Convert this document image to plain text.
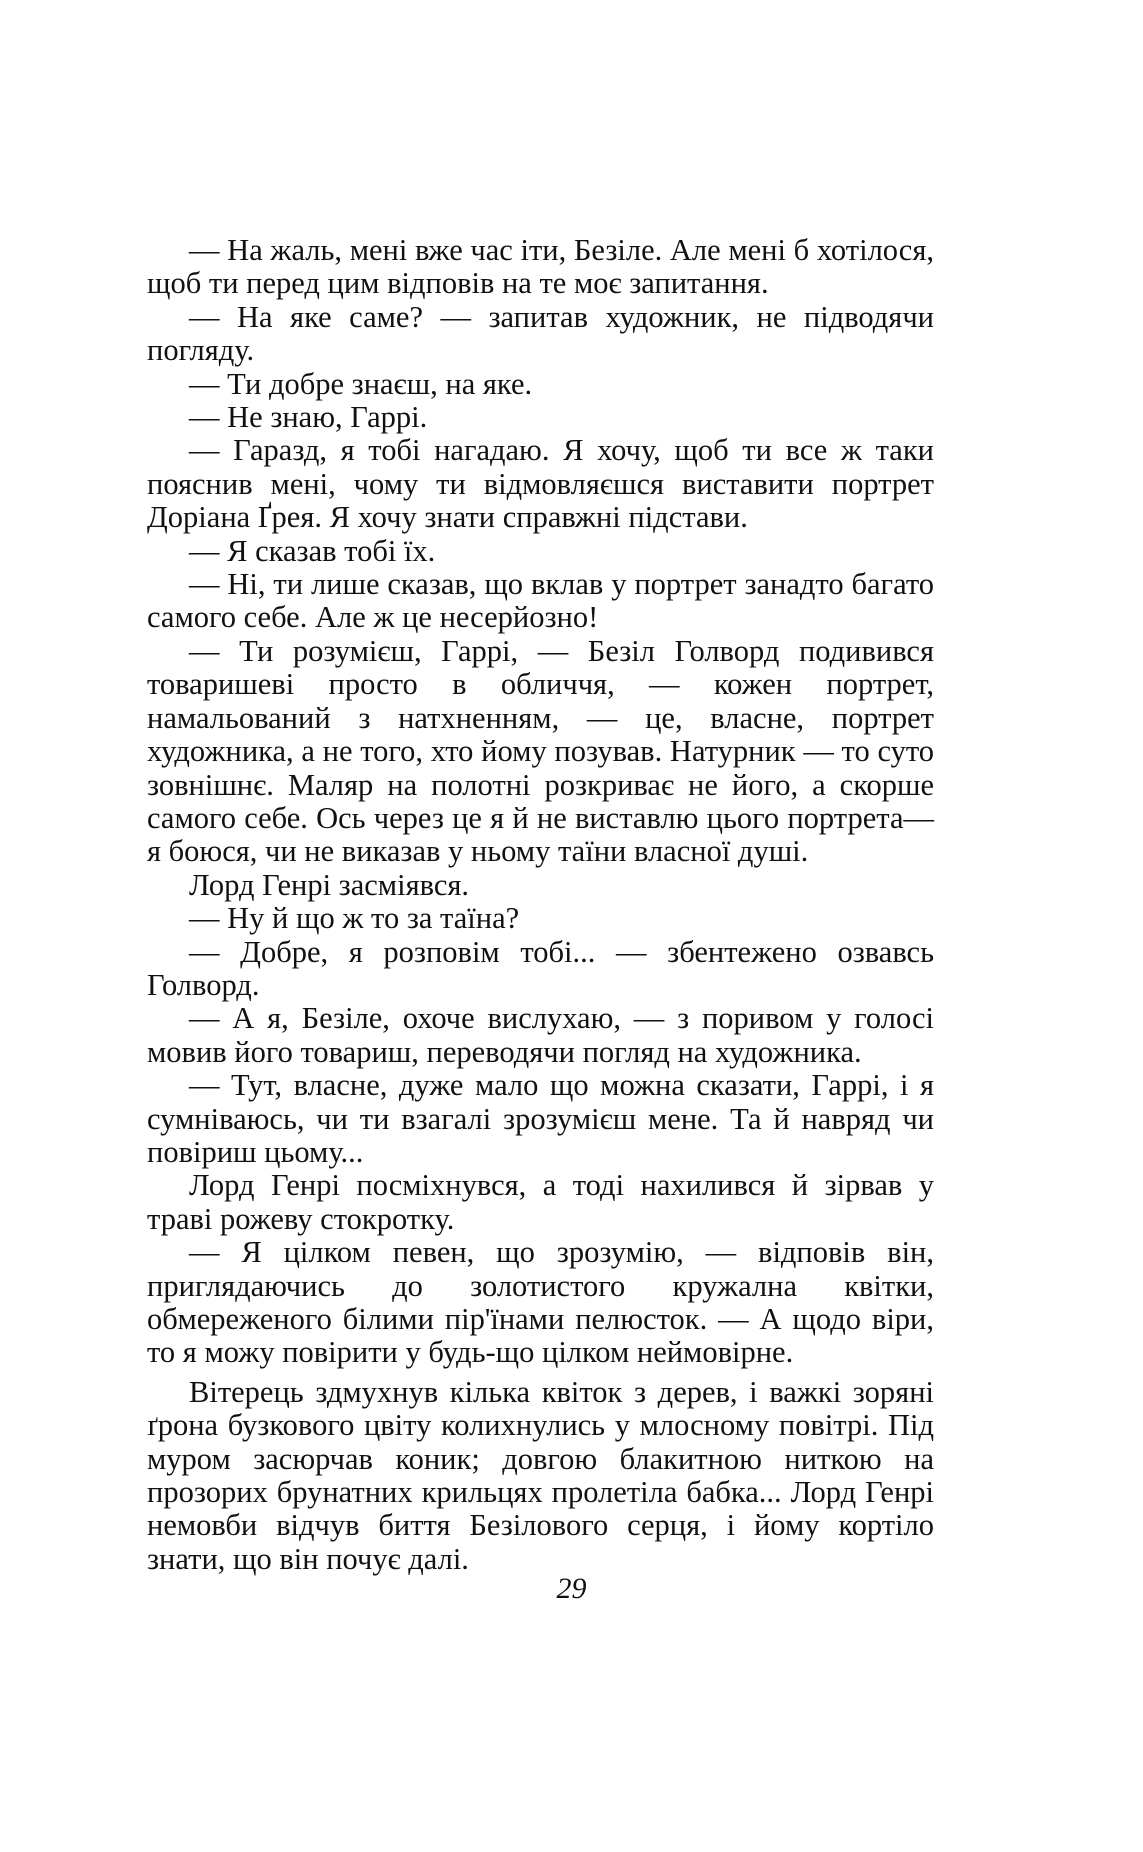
— На жаль, мені вже час іти, Безіле. Але мені б хотілося, щоб ти перед цим відповів на те моє запитання.

— На яке саме? — запитав художник, не підводячи погляду.

— Ти добре знаєш, на яке.

— Не знаю, Гаррі.

— Гаразд, я тобі нагадаю. Я хочу, щоб ти все ж таки пояснив мені, чому ти відмовляєшся виставити портрет Доріана Ґрея. Я хочу знати справжні підстави.

— Я сказав тобі їх.

— Ні, ти лише сказав, що вклав у портрет занадто багато самого себе. Але ж це несерйозно!

— Ти розумієш, Гаррі, — Безіл Голворд подивився товаришеві просто в обличчя, — кожен портрет, намальований з натхненням, — це, власне, портрет художника, а не того, хто йому позував. Натурник — то суто зовнішнє. Маляр на полотні розкриває не його, а скорше самого себе. Ось через це я й не виставлю цього портрета— я боюся, чи не виказав у ньому таїни власної душі.

Лорд Генрі засміявся.

— Ну й що ж то за таїна?

— Добре, я розповім тобі... — збентежено озвавсь Голворд.

— А я, Безіле, охоче вислухаю, — з поривом у голосі мовив його товариш, переводячи погляд на художника.

— Тут, власне, дуже мало що можна сказати, Гаррі, і я сумніваюсь, чи ти взагалі зрозумієш мене. Та й навряд чи повіриш цьому...

Лорд Генрі посміхнувся, а тоді нахилився й зірвав у траві рожеву стокротку.

— Я цілком певен, що зрозумію, — відповів він, приглядаючись до золотистого кружална квітки, обмереженого білими пір'їнами пелюсток. — А щодо віри, то я можу повірити у будь-що цілком неймовірне.

Вітерець здмухнув кілька квіток з дерев, і важкі зоряні ґрона бузкового цвіту колихнулись у млосному повітрі. Під муром засюрчав коник; довгою блакитною ниткою на прозорих брунатних крильцях пролетіла бабка... Лорд Генрі немовби відчув биття Безілового серця, і йому кортіло знати, що він почує далі.

29
